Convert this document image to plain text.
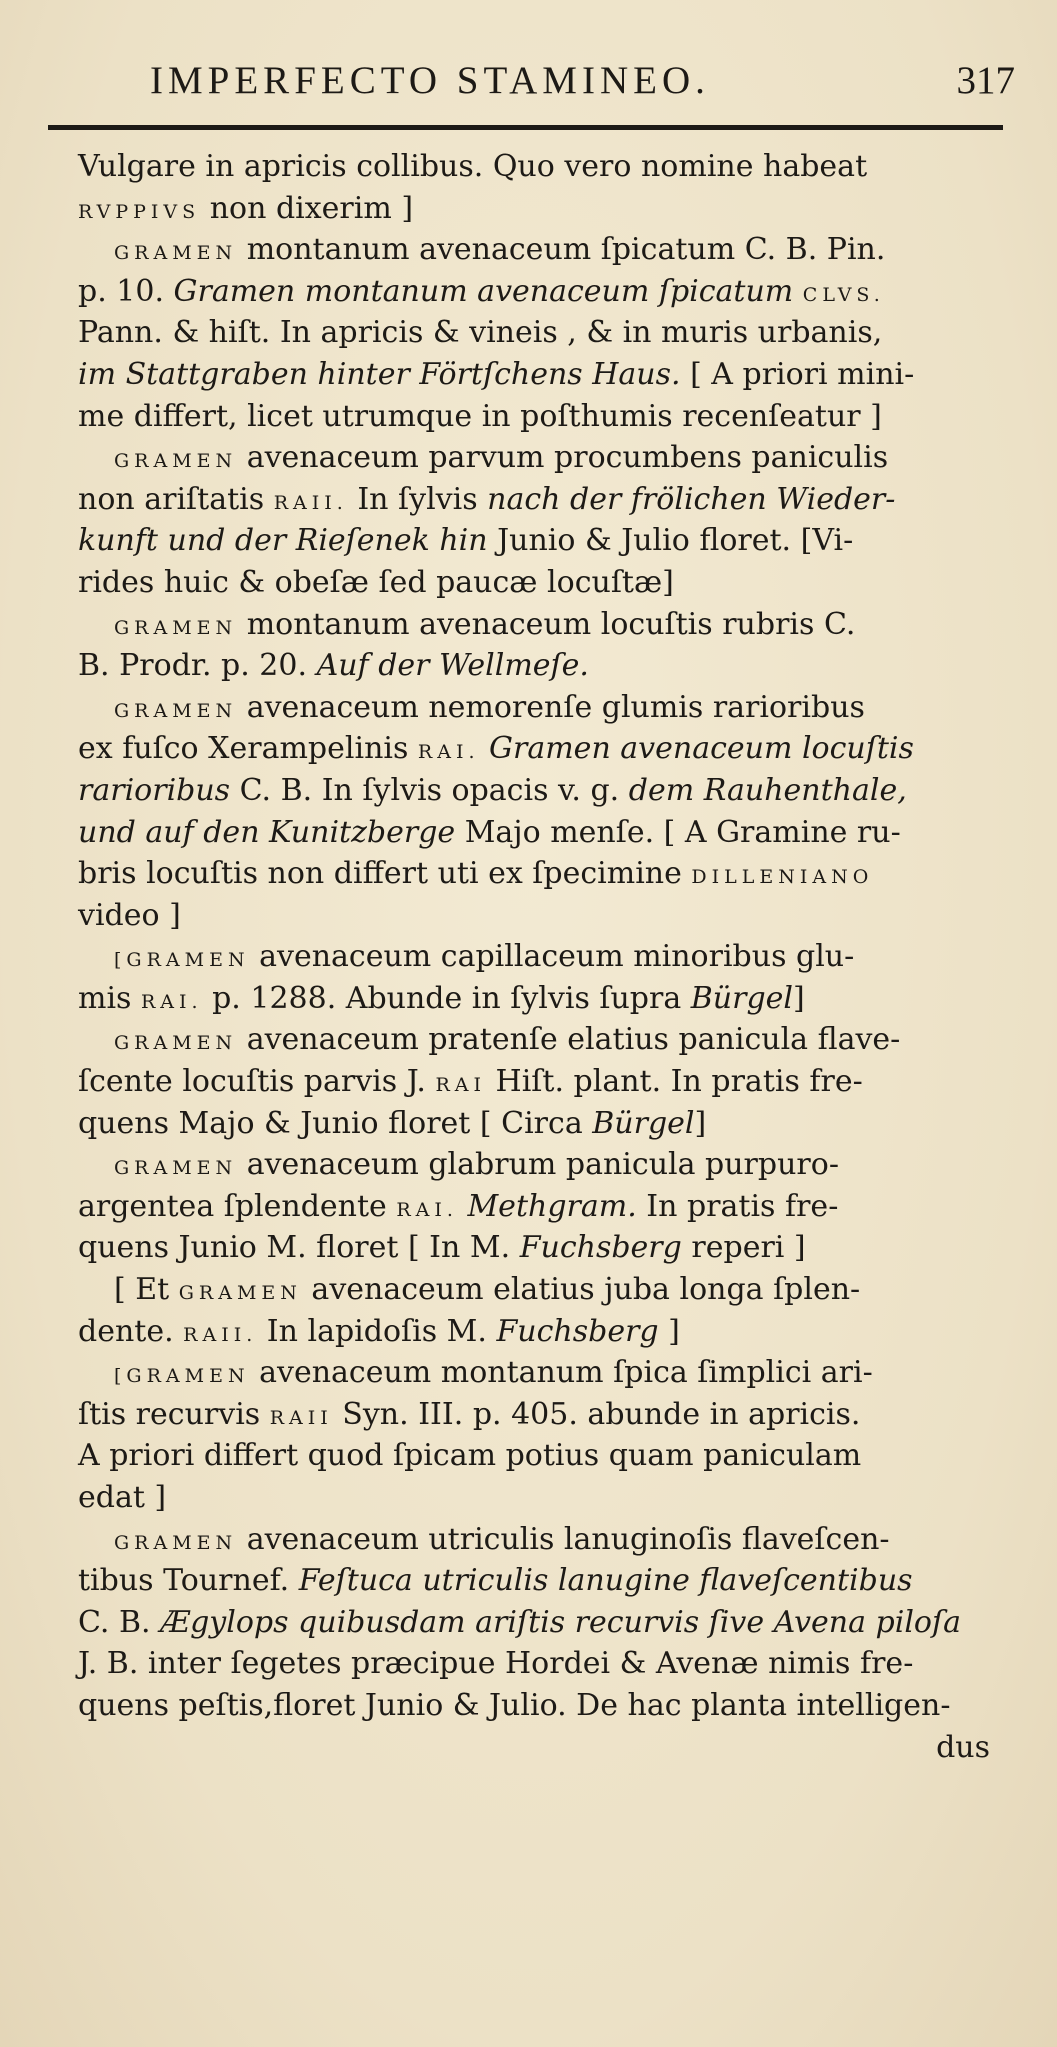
IMPERFECTO STAMINEO.	317
Vulgare in apricis collibus. Quo vero nomine habeat
RVPPIVS non dixerim ]
GRAMEN montanum avenaceum ſpicatum C. B. Pin.
p. 10. Gramen montanum avenaceum ſpicatum CLVS.
Pann. & hiſt. In apricis & vineis , & in muris urbanis,
im Stattgraben hinter Förtſchens Haus. [ A priori mini-
me differt, licet utrumque in poſthumis recenſeatur ]
GRAMEN avenaceum parvum procumbens paniculis
non ariſtatis RAII. In ſylvis nach der frölichen Wieder-
kunft und der Rieſenek hin Junio & Julio floret. [Vi-
rides huic & obeſæ ſed paucæ locuſtæ]
GRAMEN montanum avenaceum locuſtis rubris C.
B. Prodr. p. 20. Auf der Wellmeſe.
GRAMEN avenaceum nemorenſe glumis rarioribus
ex fuſco Xerampelinis RAI. Gramen avenaceum locuſtis
rarioribus C. B. In ſylvis opacis v. g. dem Rauhenthale,
und auf den Kunitzberge Majo menſe. [ A Gramine ru-
bris locuſtis non differt uti ex ſpecimine DILLENIANO
video ]
[GRAMEN avenaceum capillaceum minoribus glu-
mis RAI. p. 1288. Abunde in ſylvis ſupra Bürgel]
GRAMEN avenaceum pratenſe elatius panicula flave-
ſcente locuſtis parvis J. RAI Hiſt. plant. In pratis fre-
quens Majo & Junio floret [ Circa Bürgel]
GRAMEN avenaceum glabrum panicula purpuro-
argentea ſplendente RAI. Methgram. In pratis fre-
quens Junio M. floret [ In M. Fuchsberg reperi ]
[ Et GRAMEN avenaceum elatius juba longa ſplen-
dente. RAII. In lapidoſis M. Fuchsberg ]
[GRAMEN avenaceum montanum ſpica ſimplici ari-
ſtis recurvis RAII Syn. III. p. 405. abunde in apricis.
A priori differt quod ſpicam potius quam paniculam
edat ]
GRAMEN avenaceum utriculis lanuginoſis flaveſcen-
tibus Tournef. Feſtuca utriculis lanugine flaveſcentibus
C. B. Ægylops quibusdam ariſtis recurvis ſive Avena piloſa
J. B. inter ſegetes præcipue Hordei & Avenæ nimis fre-
quens peſtis,floret Junio & Julio. De hac planta intelligen-
dus
